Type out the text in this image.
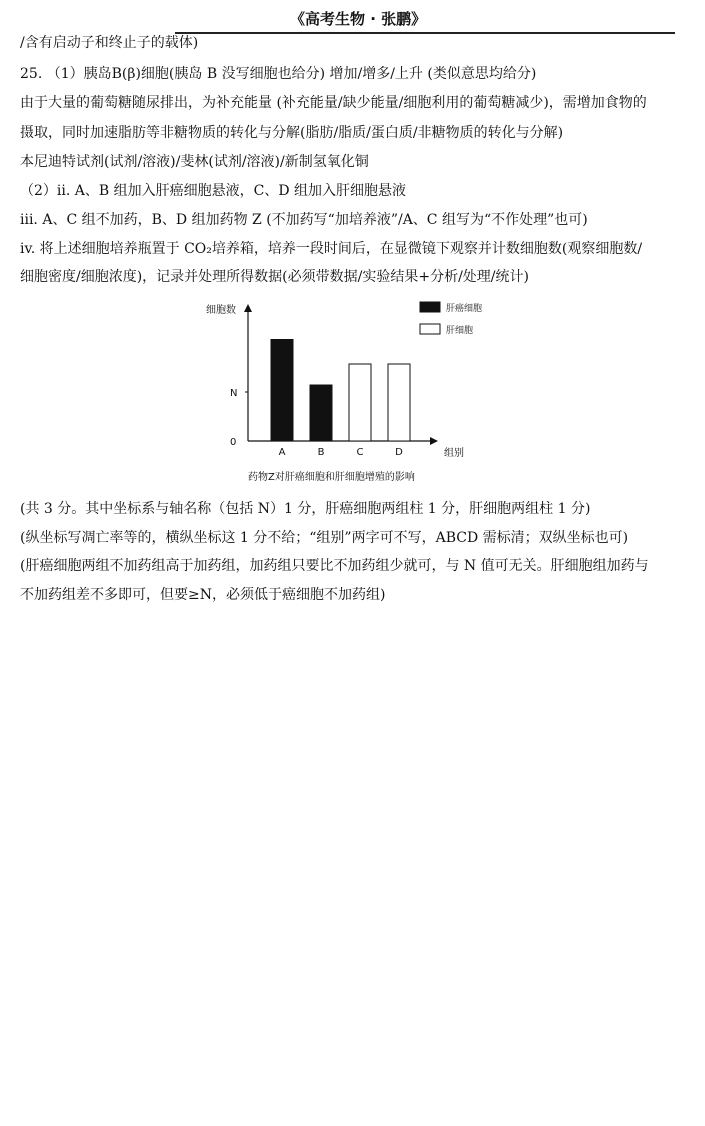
《高考生物 · 张鹏》
/含有启动子和终止子的载体)
25. （1）胰岛B(β)细胞(胰岛 B 没写细胞也给分) 增加/增多/上升 (类似意思均给分)
由于大量的葡萄糖随尿排出，为补充能量 (补充能量/缺少能量/细胞利用的葡萄糖减少)，需增加食物的
摄取，同时加速脂肪等非糖物质的转化与分解(脂肪/脂质/蛋白质/非糖物质的转化与分解)
本尼迪特试剂(试剂/溶液)/斐林(试剂/溶液)/新制氢氧化铜
（2）ii. A、B 组加入肝癌细胞悬液，C、D 组加入肝细胞悬液
iii. A、C 组不加药，B、D 组加药物 Z (不加药写“加培养液”/A、C 组写为“不作处理”也可)
iv. 将上述细胞培养瓶置于 CO₂培养箱，培养一段时间后，在显微镜下观察并计数细胞数(观察细胞数/
细胞密度/细胞浓度)，记录并处理所得数据(必须带数据/实验结果+分析/处理/统计)
细胞数
组别
0
N
A	B	C	D
肝癌细胞
肝细胞
药物Z对肝癌细胞和肝细胞增殖的影响
(共 3 分。其中坐标系与轴名称（包括 N）1 分，肝癌细胞两组柱 1 分，肝细胞两组柱 1 分)
(纵坐标写凋亡率等的，横纵坐标这 1 分不给；“组别”两字可不写，ABCD 需标清；双纵坐标也可)
(肝癌细胞两组不加药组高于加药组，加药组只要比不加药组少就可，与 N 值可无关。肝细胞组加药与
不加药组差不多即可，但要≥N，必须低于癌细胞不加药组)
